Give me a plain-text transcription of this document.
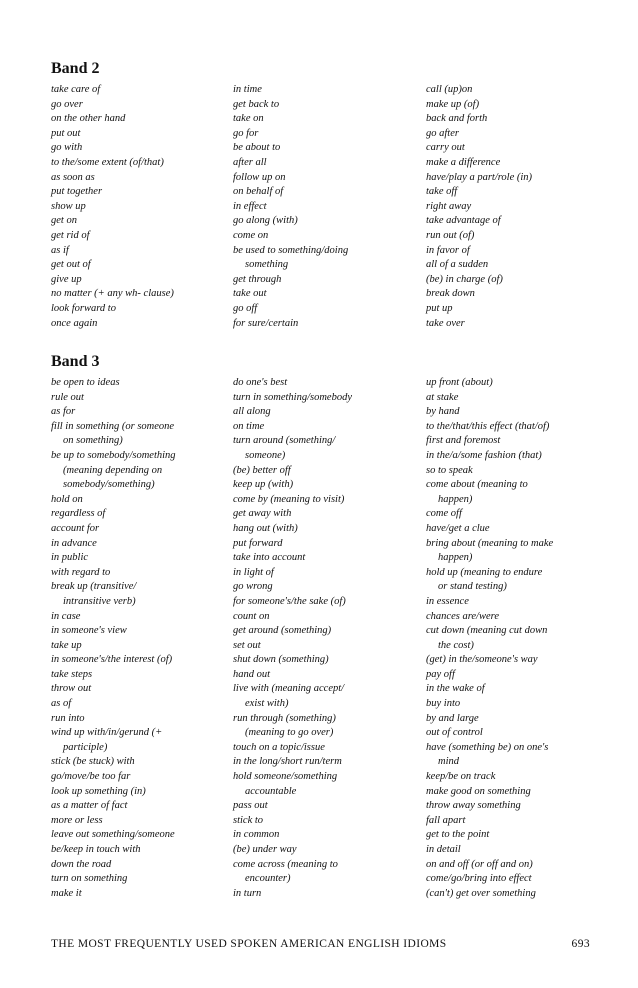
Band 2
take care of
go over
on the other hand
put out
go with
to the/some extent (of/that)
as soon as
put together
show up
get on
get rid of
as if
get out of
give up
no matter (+ any wh- clause)
look forward to
once again
in time
get back to
take on
go for
be about to
after all
follow up on
on behalf of
in effect
go along (with)
come on
be used to something/doing
something
get through
take out
go off
for sure/certain
call (up)on
make up (of)
back and forth
go after
carry out
make a difference
have/play a part/role (in)
take off
right away
take advantage of
run out (of)
in favor of
all of a sudden
(be) in charge (of)
break down
put up
take over
Band 3
be open to ideas
rule out
as for
fill in something (or someone
on something)
be up to somebody/something
(meaning depending on
somebody/something)
hold on
regardless of
account for
in advance
in public
with regard to
break up (transitive/
intransitive verb)
in case
in someone's view
take up
in someone's/the interest (of)
take steps
throw out
as of
run into
wind up with/in/gerund (+
participle)
stick (be stuck) with
go/move/be too far
look up something (in)
as a matter of fact
more or less
leave out something/someone
be/keep in touch with
down the road
turn on something
make it
do one's best
turn in something/somebody
all along
on time
turn around (something/
someone)
(be) better off
keep up (with)
come by (meaning to visit)
get away with
hang out (with)
put forward
take into account
in light of
go wrong
for someone's/the sake (of)
count on
get around (something)
set out
shut down (something)
hand out
live with (meaning accept/
exist with)
run through (something)
(meaning to go over)
touch on a topic/issue
in the long/short run/term
hold someone/something
accountable
pass out
stick to
in common
(be) under way
come across (meaning to
encounter)
in turn
up front (about)
at stake
by hand
to the/that/this effect (that/of)
first and foremost
in the/a/some fashion (that)
so to speak
come about (meaning to
happen)
come off
have/get a clue
bring about (meaning to make
happen)
hold up (meaning to endure
or stand testing)
in essence
chances are/were
cut down (meaning cut down
the cost)
(get) in the/someone's way
pay off
in the wake of
buy into
by and large
out of control
have (something be) on one's
mind
keep/be on track
make good on something
throw away something
fall apart
get to the point
in detail
on and off (or off and on)
come/go/bring into effect
(can't) get over something
THE MOST FREQUENTLY USED SPOKEN AMERICAN ENGLISH IDIOMS	693
